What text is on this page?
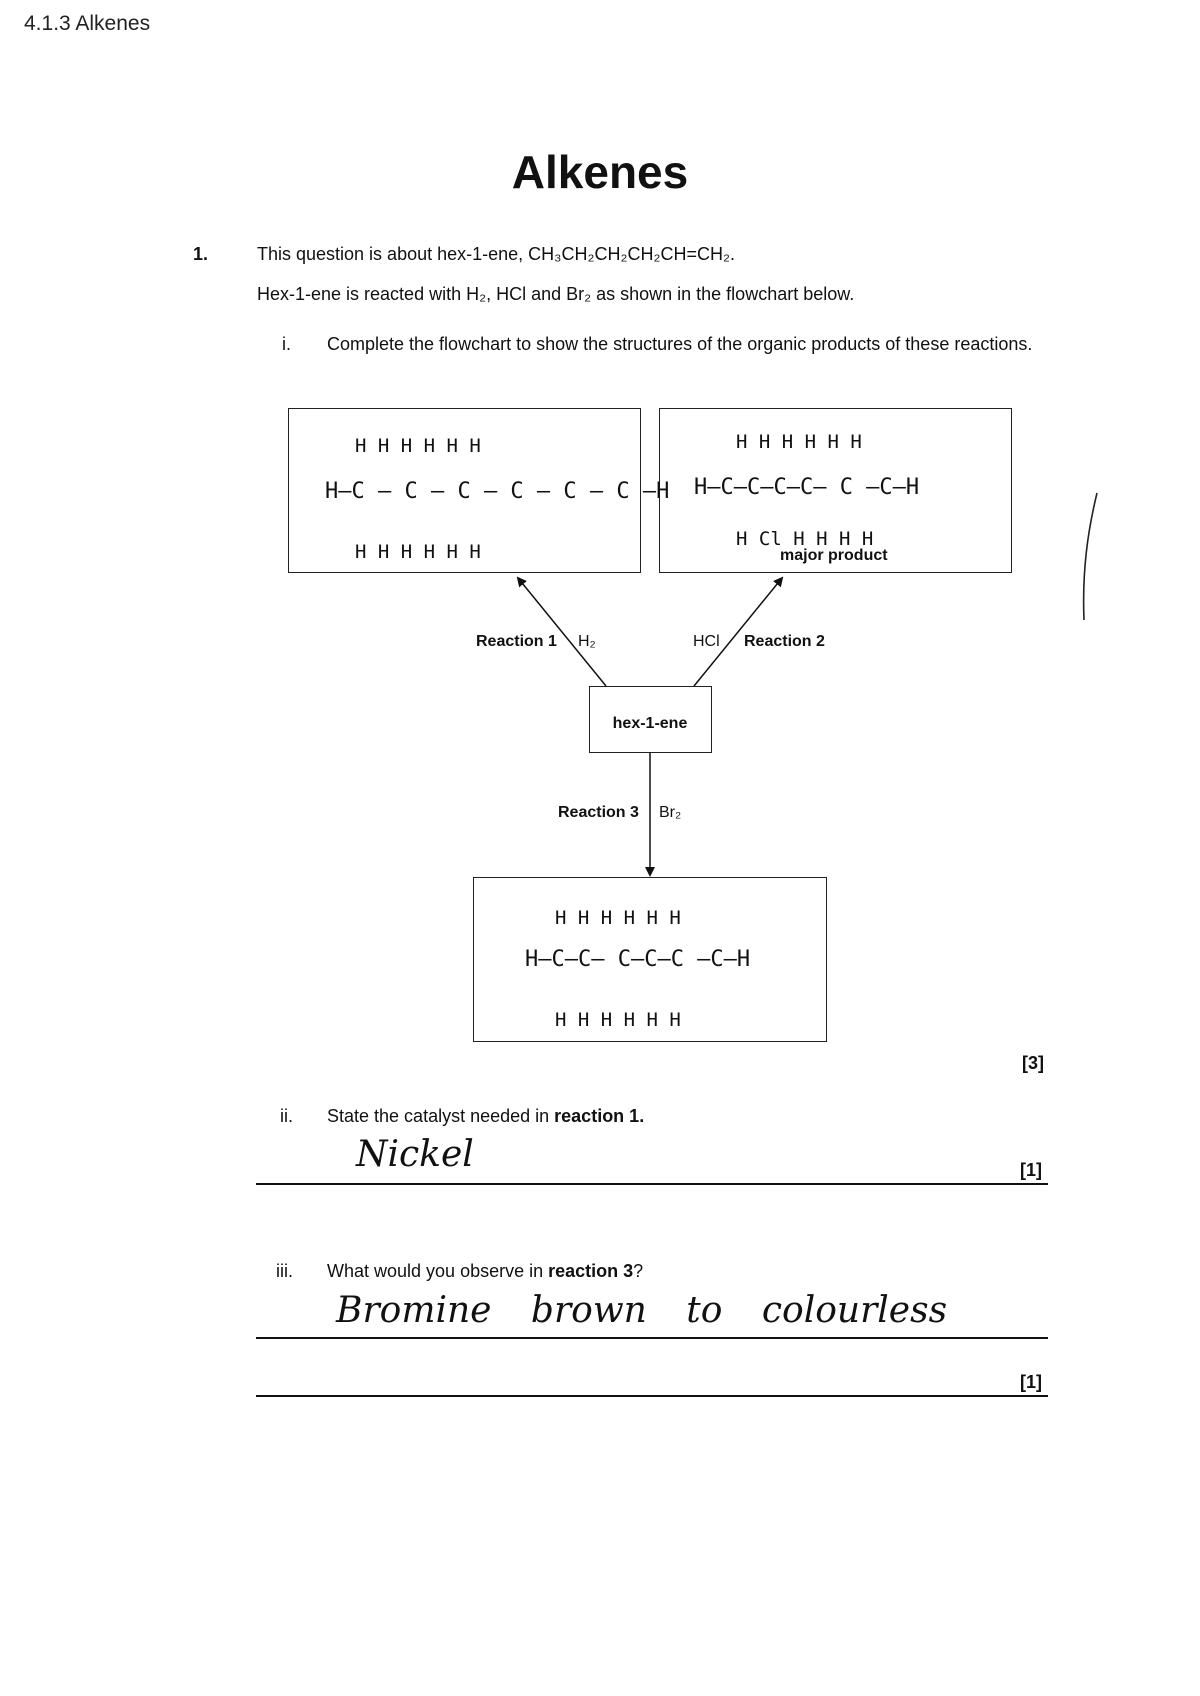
4.1.3 Alkenes
Alkenes
1.	This question is about hex-1-ene, CH₃CH₂CH₂CH₂CH=CH₂.
Hex-1-ene is reacted with H₂, HCl and Br₂ as shown in the flowchart below.
i. Complete the flowchart to show the structures of the organic products of these reactions.
Reaction 1 H₂	HCl Reaction 2
Reaction 3 Br₂
hex-1-ene
H H H H H H
H–C – C – C – C – C – C –H
H H H H H H
H H H H H H
H–C–C–C–C– C –C–H
H Cl H H H H
major product
H H H H H H
H–C–C– C–C–C –C–H
H H H H H H
[3]
ii. State the catalyst needed in reaction 1.
Nickel	[1]
iii. What would you observe in reaction 3?
Bromine brown to colourless
[1]
